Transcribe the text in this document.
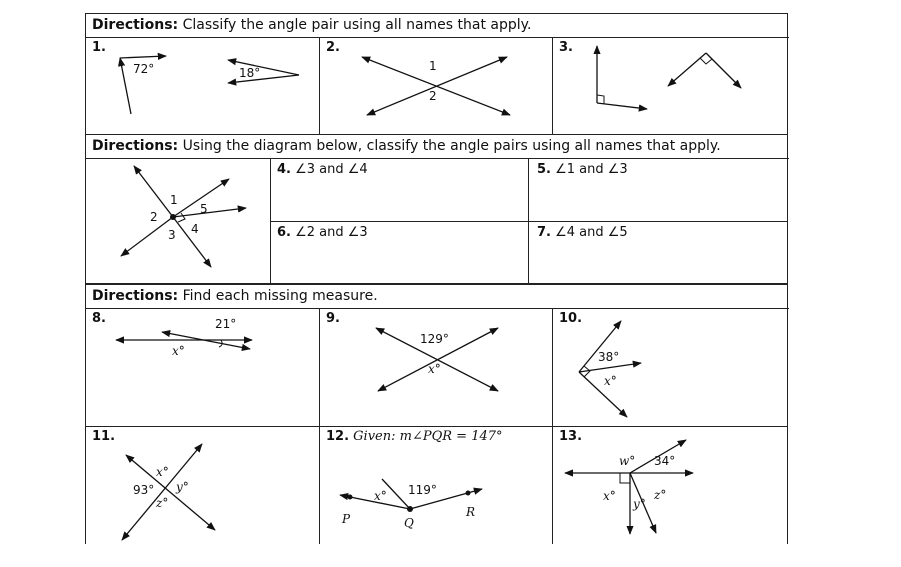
Directions: Classify the angle pair using all names that apply.
1.
72°	18°
2.
1
2
3.
Directions: Using the diagram below, classify the angle pairs using all names that apply.
1
2
3 4
5
4. ∠3 and ∠4	5. ∠1 and ∠3
6. ∠2 and ∠3	7. ∠4 and ∠5
Directions: Find each missing measure.
8.	21°
x°
9.
129°
x°
10.
38°
x°
11.
93°
x°
y°
z°
12. Given: m∠PQR = 147°
119°
x°
P	Q
R
13.
w° 34°
x°
y°
z°
